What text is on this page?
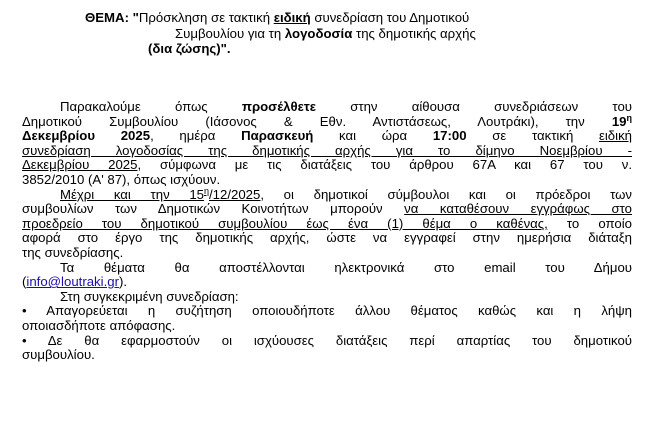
ΘΕΜΑ: "Πρόσκληση σε τακτική ειδική συνεδρίαση του Δημοτικού
Συμβουλίου για τη λογοδοσία της δημοτικής αρχής
(δια ζώσης)".
Παρακαλούμε όπως προσέλθετε στην αίθουσα συνεδριάσεων του
Δημοτικού Συμβουλίου (Ιάσονος & Εθν. Αντιστάσεως, Λουτράκι), την $19^\eta$
Δεκεμβρίου 2025, ημέρα Παρασκευή και ώρα 17:00 σε τακτική ειδική
συνεδρίαση λογοδοσίας της δημοτικής αρχής για το δίμηνο Νοεμβρίου -
Δεκεμβρίου 2025, σύμφωνα με τις διατάξεις του άρθρου 67Α και 67 του ν.
3852/2010 (Α' 87), όπως ισχύουν.
Μέχρι και την $15^\eta/12/2025$, οι δημοτικοί σύμβουλοι και οι πρόεδροι των
συμβουλίων των Δημοτικών Κοινοτήτων μπορούν να καταθέσουν εγγράφως στο
προεδρείο του δημοτικού συμβουλίου έως ένα (1) θέμα ο καθένας, το οποίο
αφορά στο έργο της δημοτικής αρχής, ώστε να εγγραφεί στην ημερήσια διάταξη
της συνεδρίασης.
Τα θέματα θα αποστέλλονται ηλεκτρονικά στο email του Δήμου
(info@loutraki.gr).
Στη συγκεκριμένη συνεδρίαση:
• Απαγορεύεται η συζήτηση οποιουδήποτε άλλου θέματος καθώς και η λήψη
οποιασδήποτε απόφασης.
• Δε θα εφαρμοστούν οι ισχύουσες διατάξεις περί απαρτίας του δημοτικού
συμβουλίου.
